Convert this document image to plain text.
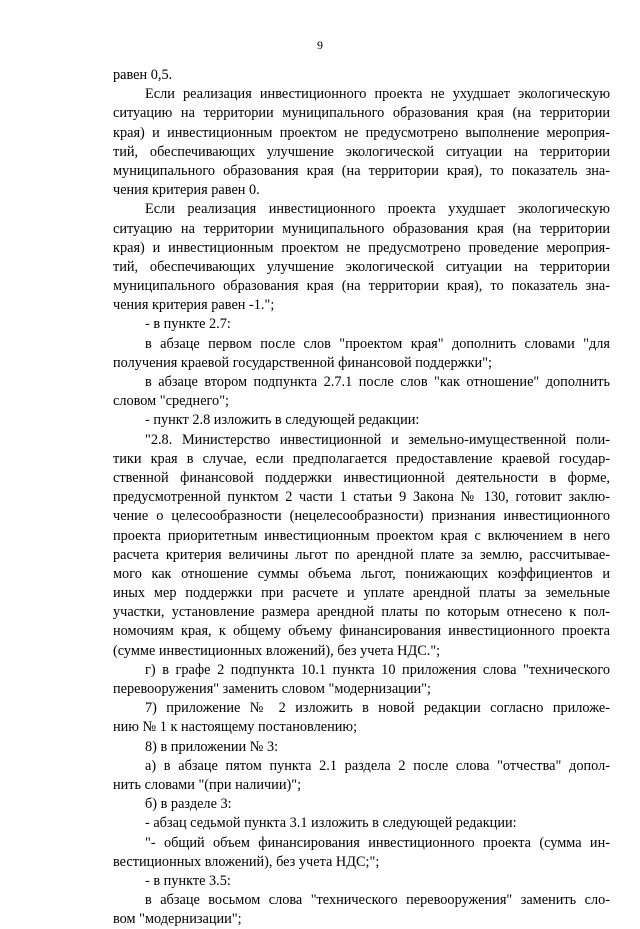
9
равен 0,5.
Если реализация инвестиционного проекта не ухудшает экологическую
ситуацию на территории муниципального образования края (на территории
края) и инвестиционным проектом не предусмотрено выполнение мероприя-
тий, обеспечивающих улучшение экологической ситуации на территории
муниципального образования края (на территории края), то показатель зна-
чения критерия равен 0.
Если реализация инвестиционного проекта ухудшает экологическую
ситуацию на территории муниципального образования края (на территории
края) и инвестиционным проектом не предусмотрено проведение мероприя-
тий, обеспечивающих улучшение экологической ситуации на территории
муниципального образования края (на территории края), то показатель зна-
чения критерия равен -1.";
- в пункте 2.7:
в абзаце первом после слов "проектом края" дополнить словами "для
получения краевой государственной финансовой поддержки";
в абзаце втором подпункта 2.7.1 после слов "как отношение" дополнить
словом "среднего";
- пункт 2.8 изложить в следующей редакции:
"2.8. Министерство инвестиционной и земельно-имущественной поли-
тики края в случае, если предполагается предоставление краевой государ-
ственной финансовой поддержки инвестиционной деятельности в форме,
предусмотренной пунктом 2 части 1 статьи 9 Закона № 130, готовит заклю-
чение о целесообразности (нецелесообразности) признания инвестиционного
проекта приоритетным инвестиционным проектом края с включением в него
расчета критерия величины льгот по арендной плате за землю, рассчитывае-
мого как отношение суммы объема льгот, понижающих коэффициентов и
иных мер поддержки при расчете и уплате арендной платы за земельные
участки, установление размера арендной платы по которым отнесено к пол-
номочиям края, к общему объему финансирования инвестиционного проекта
(сумме инвестиционных вложений), без учета НДС.";
г) в графе 2 подпункта 10.1 пункта 10 приложения слова "технического
перевооружения" заменить словом "модернизации";
7) приложение № 2 изложить в новой редакции согласно приложе-
нию № 1 к настоящему постановлению;
8) в приложении № 3:
а) в абзаце пятом пункта 2.1 раздела 2 после слова "отчества" допол-
нить словами "(при наличии)";
б) в разделе 3:
- абзац седьмой пункта 3.1 изложить в следующей редакции:
"- общий объем финансирования инвестиционного проекта (сумма ин-
вестиционных вложений), без учета НДС;";
- в пункте 3.5:
в абзаце восьмом слова "технического перевооружения" заменить сло-
вом "модернизации";
